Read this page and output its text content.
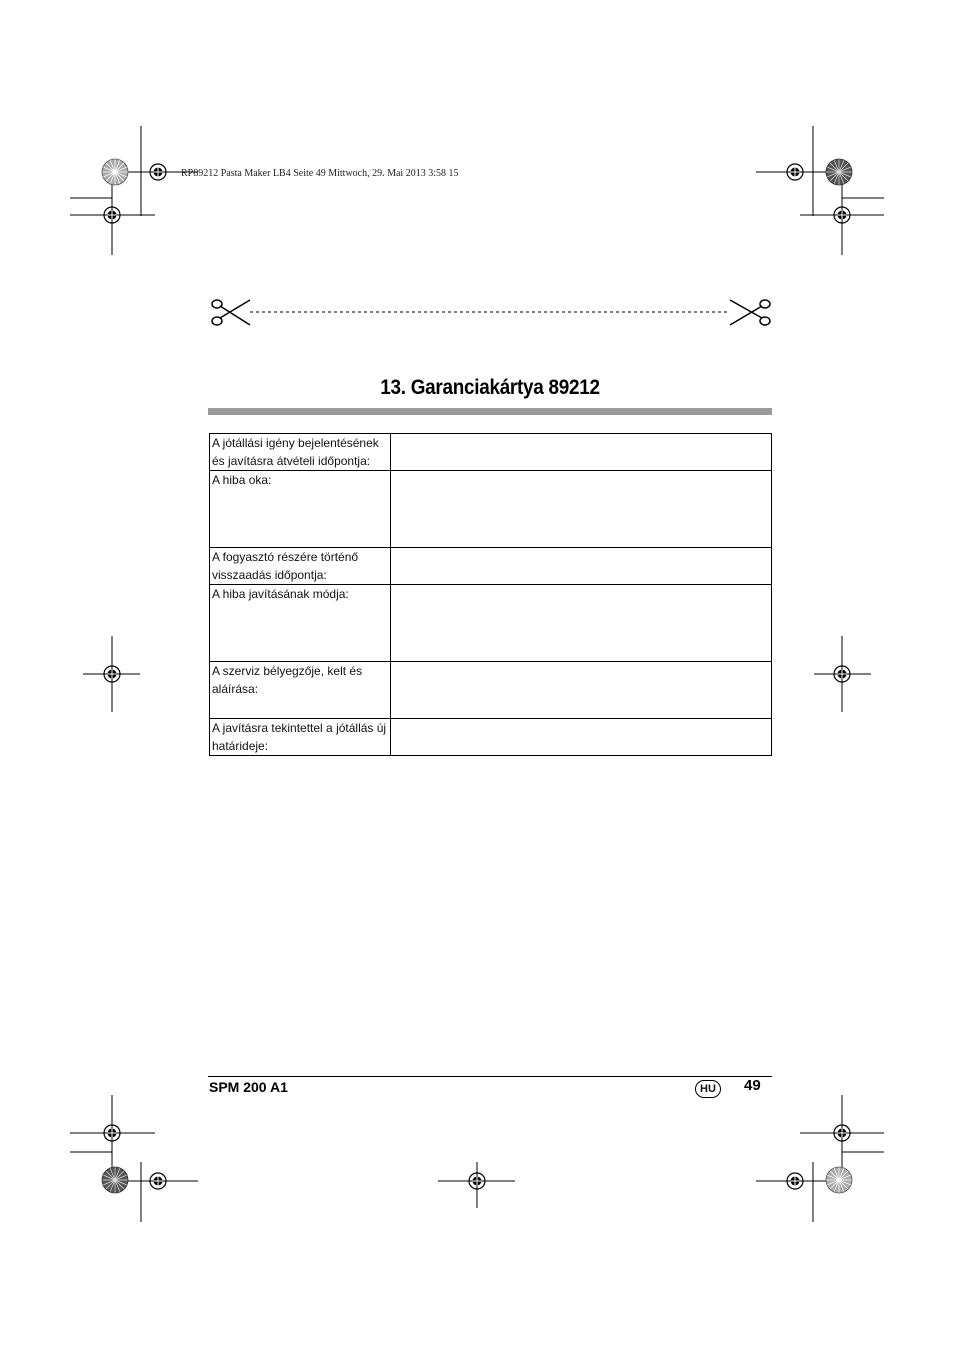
RP89212 Pasta Maker LB4 Seite 49 Mittwoch, 29. Mai 2013 3:58 15
13. Garanciakártya 89212
A jótállási igény bejelentésének és javításra átvételi időpontja:	
A hiba oka:	
A fogyasztó részére történő visszaadás időpontja:	
A hiba javításának módja:	
A szerviz bélyegzője, kelt és aláírása:	
A javításra tekintettel a jótállás új határideje:	
SPM 200 A1	HU	49
